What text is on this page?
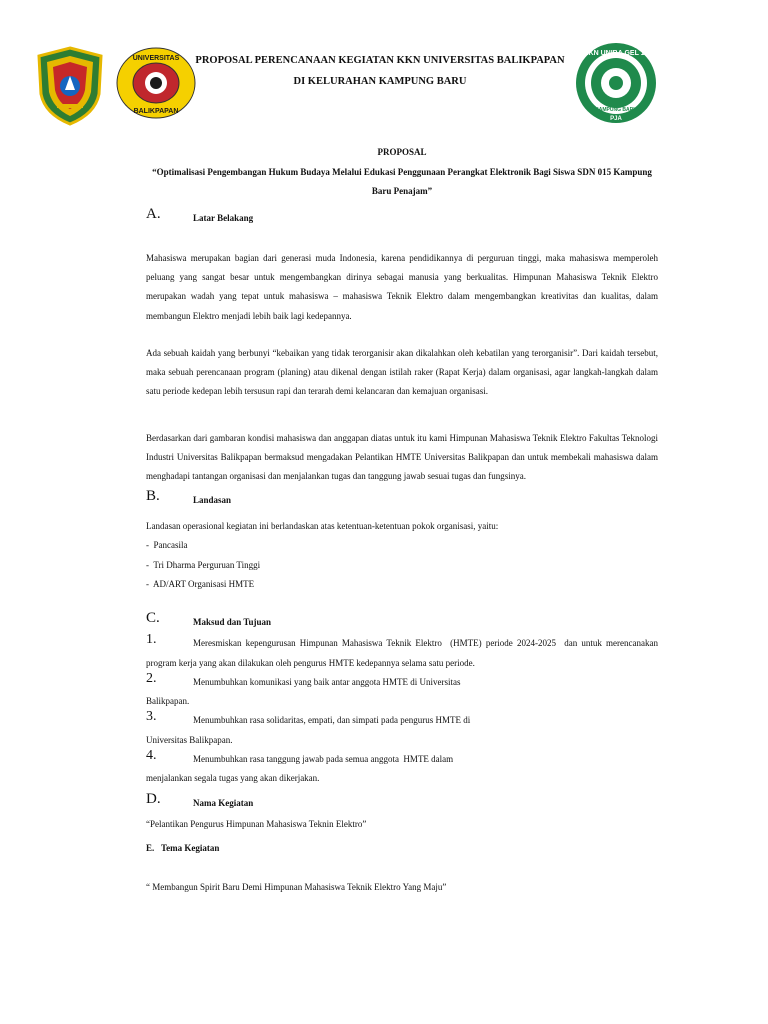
UNIVERSITAS
BALIKPAPAN
KKN UNIBA GEL 18
KAMPUNG BARU
PJA
PROPOSAL PERENCANAAN KEGIATAN KKN UNIVERSITAS BALIKPAPAN
DI KELURAHAN KAMPUNG BARU
PROPOSAL
“Optimalisasi Pengembangan Hukum Budaya Melalui Edukasi Penggunaan Perangkat Elektronik Bagi Siswa SDN 015 Kampung
Baru Penajam”
A.	Latar Belakang
Mahasiswa merupakan bagian dari generasi muda Indonesia, karena pendidikannya di perguruan tinggi, maka mahasiswa memperoleh peluang yang sangat besar untuk mengembangkan dirinya sebagai manusia yang berkualitas. Himpunan Mahasiswa Teknik Elektro merupakan wadah yang tepat untuk mahasiswa – mahasiswa Teknik Elektro dalam mengembangkan kreativitas dan kualitas, dalam membangun Elektro menjadi lebih baik lagi kedepannya.
Ada sebuah kaidah yang berbunyi “kebaikan yang tidak terorganisir akan dikalahkan oleh kebatilan yang terorganisir”. Dari kaidah tersebut, maka sebuah perencanaan program (planing) atau dikenal dengan istilah raker (Rapat Kerja) dalam organisasi, agar langkah-langkah dalam satu periode kedepan lebih tersusun rapi dan terarah demi kelancaran dan kemajuan organisasi.
Berdasarkan dari gambaran kondisi mahasiswa dan anggapan diatas untuk itu kami Himpunan Mahasiswa Teknik Elektro Fakultas Teknologi Industri Universitas Balikpapan bermaksud mengadakan Pelantikan HMTE Universitas Balikpapan dan untuk membekali mahasiswa dalam menghadapi tantangan organisasi dan menjalankan tugas dan tanggung jawab sesuai tugas dan fungsinya.
B.	Landasan
Landasan operasional kegiatan ini berlandaskan atas ketentuan-ketentuan pokok organisasi, yaitu:
-  Pancasila
-  Tri Dharma Perguruan Tinggi
-  AD/ART Organisasi HMTE
C.	Maksud dan Tujuan
1.	Meresmiskan kepengurusan Himpunan Mahasiswa Teknik Elektro  (HMTE) periode 2024-2025  dan untuk merencanakan
program kerja yang akan dilakukan oleh pengurus HMTE kedepannya selama satu periode.
2.	Menumbuhkan komunikasi yang baik antar anggota HMTE di Universitas
Balikpapan.
3.	Menumbuhkan rasa solidaritas, empati, dan simpati pada pengurus HMTE di
Universitas Balikpapan.
4.	Menumbuhkan rasa tanggung jawab pada semua anggota  HMTE dalam
menjalankan segala tugas yang akan dikerjakan.
D.	Nama Kegiatan
“Pelantikan Pengurus Himpunan Mahasiswa Teknin Elektro”
E. Tema Kegiatan
“ Membangun Spirit Baru Demi Himpunan Mahasiswa Teknik Elektro Yang Maju”
